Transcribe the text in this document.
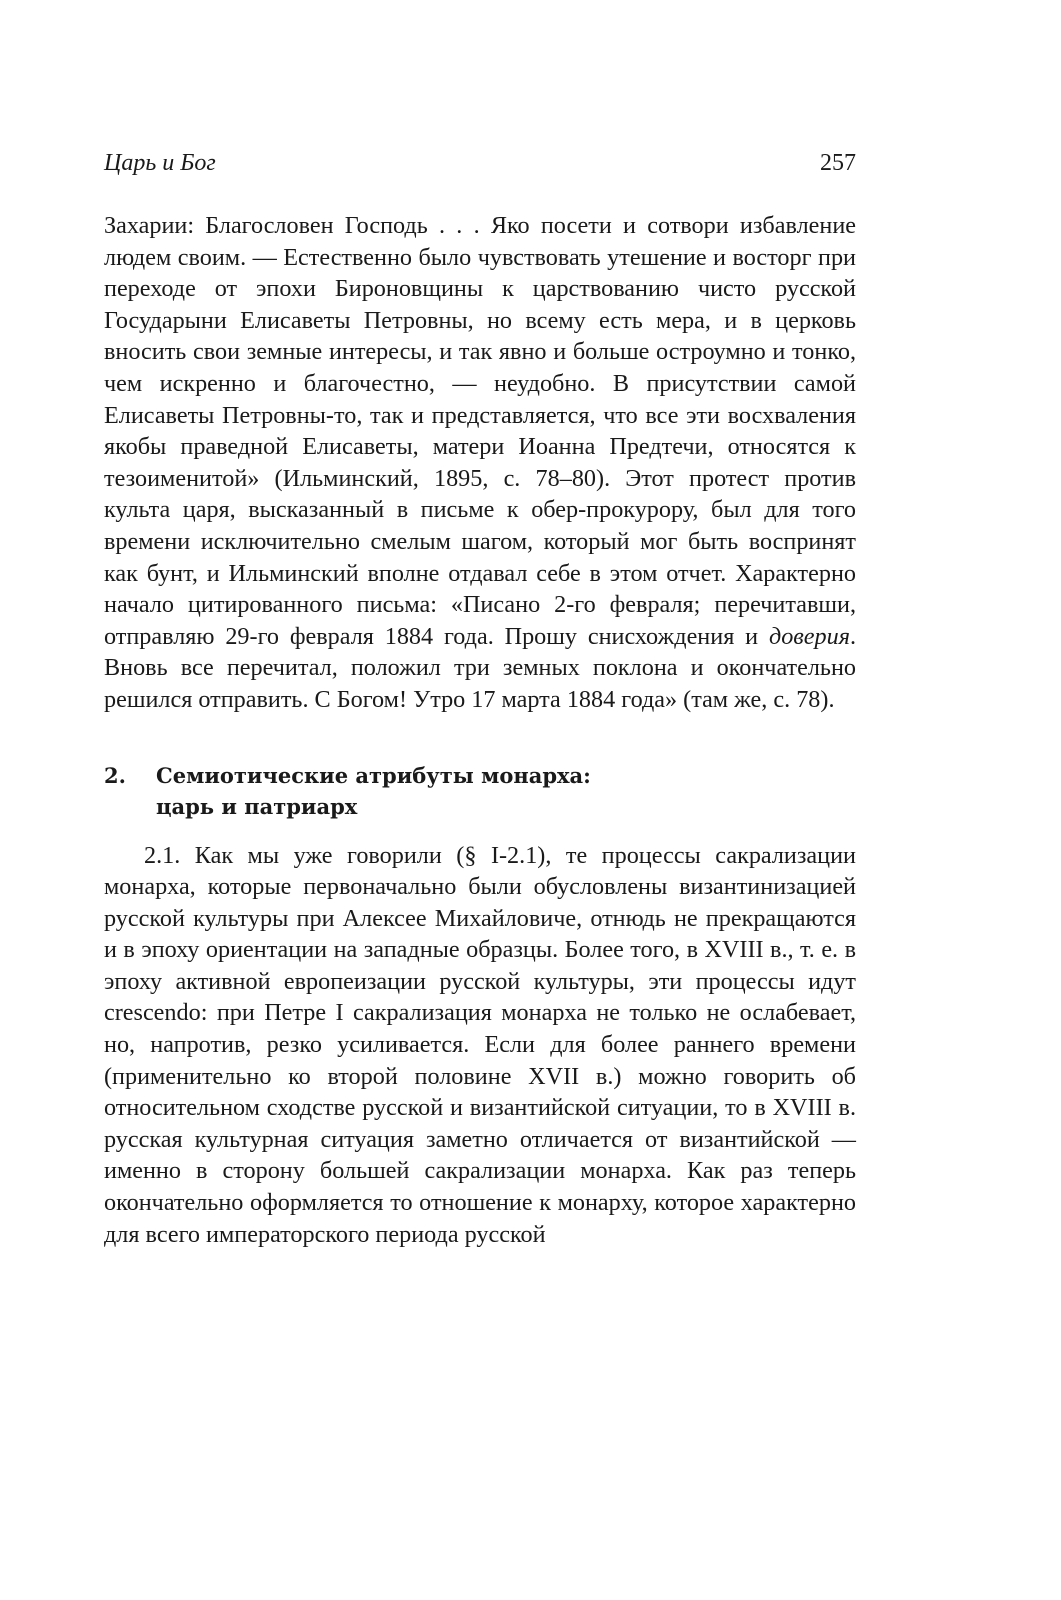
Царь и Бог	257

Захарии: Благословен Господь . . . Яко посети и сотвори избавление людем своим. — Естественно было чувствовать утешение и восторг при переходе от эпохи Бироновщины к царствованию чисто русской Государыни Елисаветы Петровны, но всему есть мера, и в церковь вносить свои земные интересы, и так явно и больше остроумно и тонко, чем искренно и благочестно, — неудобно. В присутствии самой Елисаветы Петровны-то, так и представляется, что все эти восхваления якобы праведной Елисаветы, матери Иоанна Предтечи, относятся к тезоименитой» (Ильминский, 1895, с. 78–80). Этот протест против культа царя, высказанный в письме к обер-прокурору, был для того времени исключительно смелым шагом, который мог быть воспринят как бунт, и Ильминский вполне отдавал себе в этом отчет. Характерно начало цитированного письма: «Писано 2-го февраля; перечитавши, отправляю 29-го февраля 1884 года. Прошу снисхождения и доверия. Вновь все перечитал, положил три земных поклона и окончательно решился отправить. С Богом! Утро 17 марта 1884 года» (там же, с. 78).

2.	Семиотические атрибуты монарха:
царь и патриарх

2.1. Как мы уже говорили (§ I-2.1), те процессы сакрализации монарха, которые первоначально были обусловлены византинизацией русской культуры при Алексее Михайловиче, отнюдь не прекращаются и в эпоху ориентации на западные образцы. Более того, в XVIII в., т. е. в эпоху активной европеизации русской культуры, эти процессы идут crescendo: при Петре I сакрализация монарха не только не ослабевает, но, напротив, резко усиливается. Если для более раннего времени (применительно ко второй половине XVII в.) можно говорить об относительном сходстве русской и византийской ситуации, то в XVIII в. русская культурная ситуация заметно отличается от византийской — именно в сторону большей сакрализации монарха. Как раз теперь окончательно оформляется то отношение к монарху, которое характерно для всего императорского периода русской
